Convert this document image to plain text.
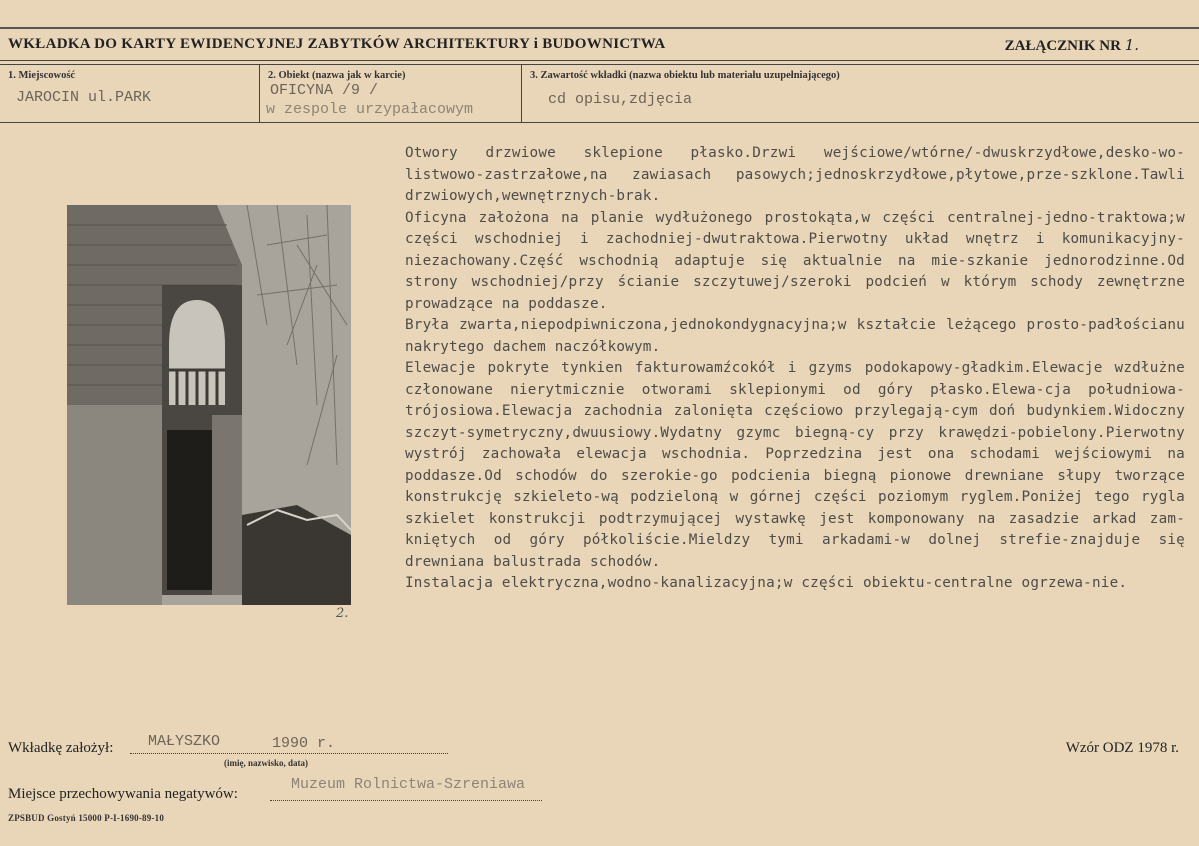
WKŁADKA DO KARTY EWIDENCYJNEJ ZABYTKÓW ARCHITEKTURY i BUDOWNICTWA	ZAŁĄCZNIK NR 1.
1. Miejscowość
JAROCIN ul.PARK
2. Obiekt (nazwa jak w karcie)
OFICYNA /9 /
w zespole urzypałacowym
3. Zawartość wkładki (nazwa obiektu lub materiału uzupełniającego)
cd opisu,zdjęcia
2.

Otwory drzwiowe sklepione płasko.Drzwi wejściowe/wtórne/-dwuskrzydłowe,desko-wo-listwowo-zastrzałowe,na zawiasach pasowych;jednoskrzydłowe,płytowe,prze-szklone.Tawli drzwiowych,wewnętrznych-brak.

Oficyna założona na planie wydłużonego prostokąta,w części centralnej-jedno-traktowa;w części wschodniej i zachodniej-dwutraktowa.Pierwotny układ wnętrz i komunikacyjny-niezachowany.Część wschodnią adaptuje się aktualnie na mie-szkanie jednorodzinne.Od strony wschodniej/przy ścianie szczytuwej/szeroki podcień w którym schody zewnętrzne prowadzące na poddasze.

Bryła zwarta,niepodpiwniczona,jednokondygnacyjna;w kształcie leżącego prosto-padłościanu nakrytego dachem naczółkowym.

Elewacje pokryte tynkien fakturowamźcokół i gzyms podokapowy-gładkim.Elewacje wzdłużne członowane nierytmicznie otworami sklepionymi od góry płasko.Elewa-cja południowa-trójosiowa.Elewacja zachodnia zalonięta częściowo przylegają-cym doń budynkiem.Widoczny szczyt-symetryczny,dwuusiowy.Wydatny gzymc biegną-cy przy krawędzi-pobielony.Pierwotny wystrój zachowała elewacja wschodnia. Poprzedzina jest ona schodami wejściowymi na poddasze.Od schodów do szerokie-go podcienia biegną pionowe drewniane słupy tworzące konstrukcję szkieleto-wą podzieloną w górnej części poziomym ryglem.Poniżej tego rygla szkielet konstrukcji podtrzymującej wystawkę jest komponowany na zasadzie arkad zam-kniętych od góry półkoliście.Mieldzy tymi arkadami-w dolnej strefie-znajduje się drewniana balustrada schodów.

Instalacja elektryczna,wodno-kanalizacyjna;w części obiektu-centralne ogrzewa-nie.

Wkładkę założył: MAŁYSZKO	1990 r.
(imię, nazwisko, data)
Wzór ODZ 1978 r.
Miejsce przechowywania negatywów:
Muzeum Rolnictwa-Szreniawa
ZPSBUD Gostyń 15000 P-I-1690-89-10
